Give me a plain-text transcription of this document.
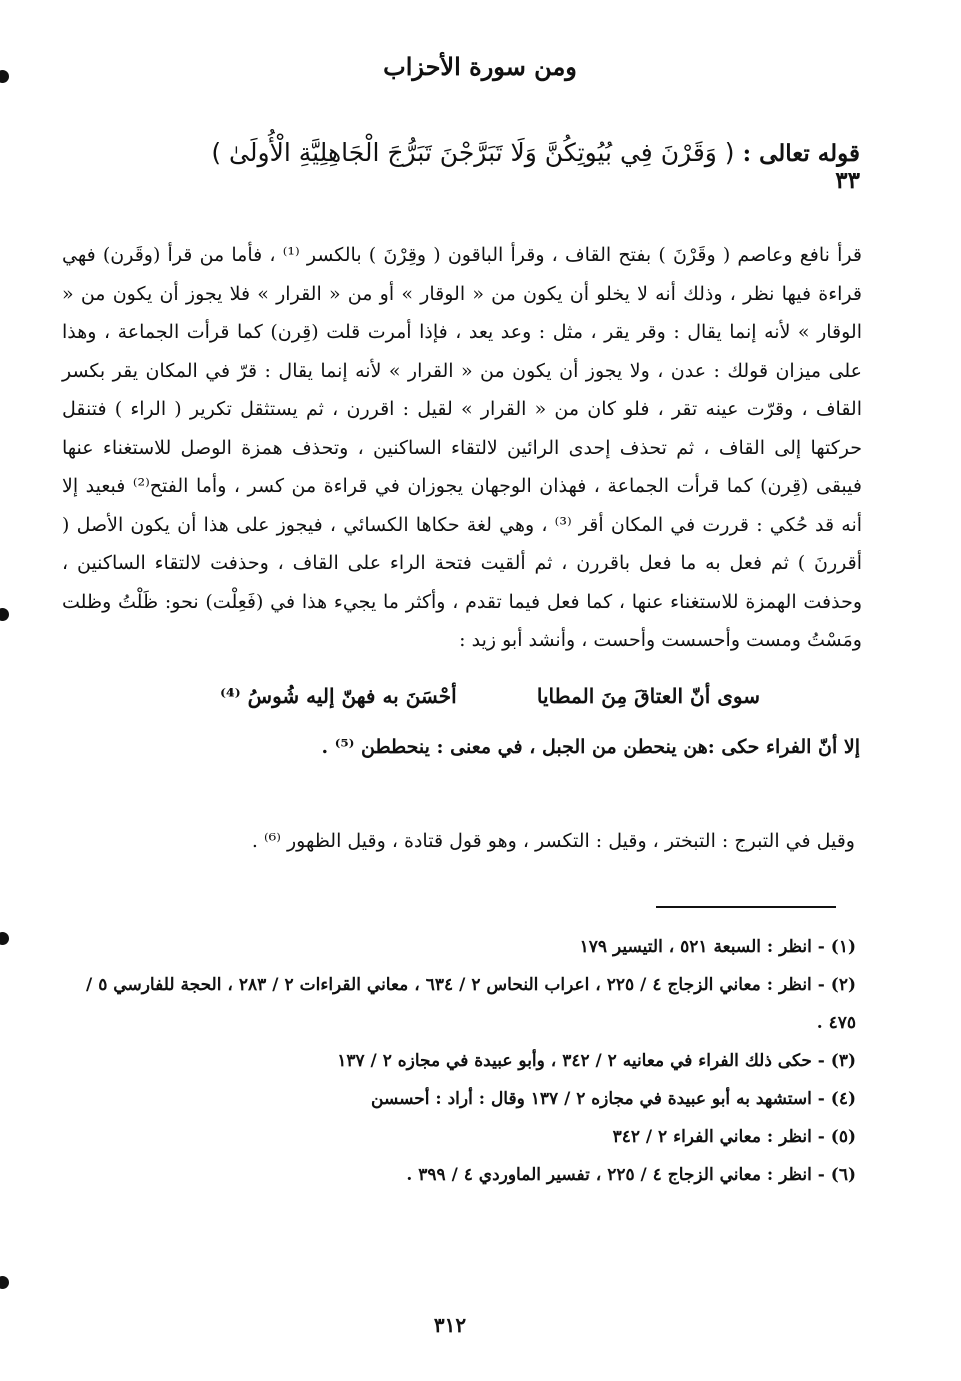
ومن سورة الأحزاب
قوله تعالى : ( وَقَرْنَ فِي بُيُوتِكُنَّ وَلَا تَبَرَّجْنَ تَبَرُّجَ الْجَاهِلِيَّةِ الْأُولَىٰ ) ٣٣

قرأ نافع وعاصم ( وقَرْنَ ) بفتح القاف ، وقرأ الباقون ( وقِرْنَ ) بالكسر ⁽¹⁾ ، فأما من قرأ (وقَرن) فهي قراءة فيها نظر ، وذلك أنه لا يخلو أن يكون من « الوقار » أو من « القرار » فلا يجوز أن يكون من « الوقار » لأنه إنما يقال : وقر يقر ، مثل : وعد يعد ، فإذا أمرت قلت (قِرن) كما قرأت الجماعة ، وهذا على ميزان قولك : عدن ، ولا يجوز أن يكون من « القرار » لأنه إنما يقال : قرّ في المكان يقر بكسر القاف ، وقرّت عينه تقر ، فلو كان من « القرار » لقيل : اقررن ، ثم يستثقل تكرير ( الراء ) فتنقل حركتها إلى القاف ، ثم تحذف إحدى الرائين لالتقاء الساكنين ، وتحذف همزة الوصل للاستغناء عنها فيبقى (قِرن) كما قرأت الجماعة ، فهذان الوجهان يجوزان في قراءة من كسر ، وأما الفتح⁽²⁾ فبعيد إلا أنه قد حُكي : قررت في المكان أقر ⁽³⁾ ، وهي لغة حكاها الكسائي ، فيجوز على هذا أن يكون الأصل ( أقررنَ ) ثم فعل به ما فعل باقررن ، ثم ألقيت فتحة الراء على القاف ، وحذفت لالتقاء الساكنين ، وحذفت الهمزة للاستغناء عنها ، كما فعل فيما تقدم ، وأكثر ما يجيء هذا في (فَعِلْت) نحو: ظَلْتُ وظلت ومَسْتُ ومست وأحسست وأحست ، وأنشد أبو زيد :

سوى أنّ العتاقَ مِنَ المطايا
أحْسَنَ به فهنّ إليه شُوسُ ⁽⁴⁾
إلا أنّ الفراء حكى :هن ينحطن من الجبل ، في معنى : ينحططن ⁽⁵⁾ .
وقيل في التبرج : التبختر ، وقيل : التكسر ، وهو قول قتادة ، وقيل الظهور ⁽⁶⁾ .

(١) - انظر : السبعة ٥٢١ ، التيسير ١٧٩

(٢) - انظر : معاني الزجاج ٤ / ٢٢٥ ، اعراب النحاس ٢ / ٦٣٤ ، معاني القراءات ٢ / ٢٨٣ ، الحجة للفارسي ٥ / ٤٧٥ .

(٣) - حكى ذلك الفراء في معانيه ٢ / ٣٤٢ ، وأبو عبيدة في مجازه ٢ / ١٣٧

(٤) - استشهد به أبو عبيدة في مجازه ٢ / ١٣٧ وقال : أراد : أحسسن

(٥) - انظر : معاني الفراء ٢ / ٣٤٢

(٦) - انظر : معاني الزجاج ٤ / ٢٢٥ ، تفسير الماوردي ٤ / ٣٩٩ .

٣١٢
